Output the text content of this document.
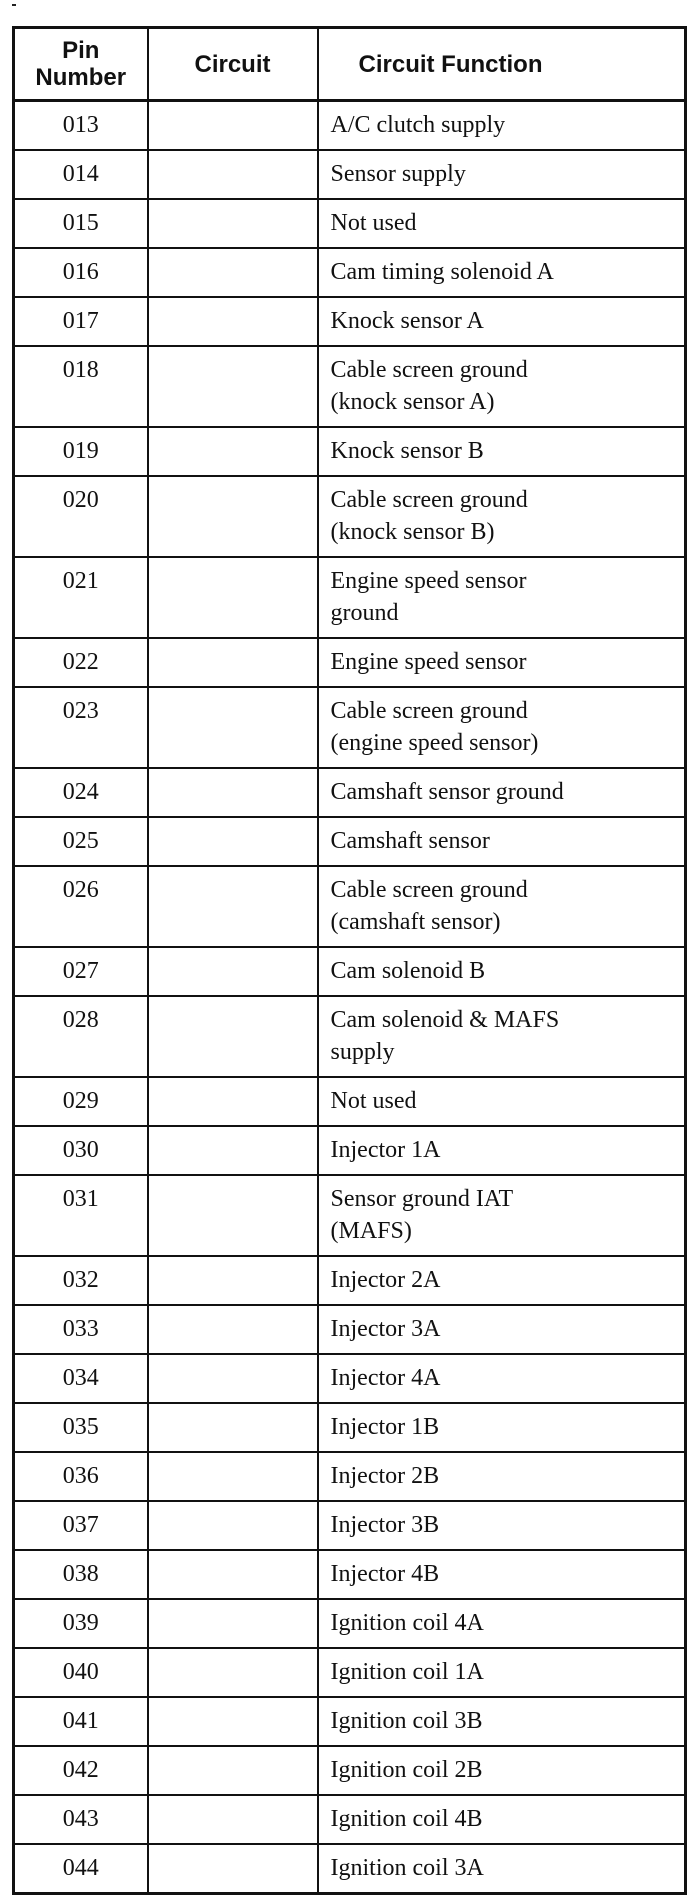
Pin
Number	Circuit	Circuit Function
013		A/C clutch supply

014		Sensor supply

015		Not used

016		Cam timing solenoid A

017		Knock sensor A

018		Cable screen ground
(knock sensor A)

019		Knock sensor B

020		Cable screen ground
(knock sensor B)

021		Engine speed sensor
ground

022		Engine speed sensor

023		Cable screen ground
(engine speed sensor)

024		Camshaft sensor ground

025		Camshaft sensor

026		Cable screen ground
(camshaft sensor)

027		Cam solenoid B

028		Cam solenoid & MAFS
supply

029		Not used

030		Injector 1A

031		Sensor ground IAT
(MAFS)

032		Injector 2A

033		Injector 3A

034		Injector 4A

035		Injector 1B

036		Injector 2B

037		Injector 3B

038		Injector 4B

039		Ignition coil 4A

040		Ignition coil 1A

041		Ignition coil 3B

042		Ignition coil 2B

043		Ignition coil 4B

044		Ignition coil 3A
